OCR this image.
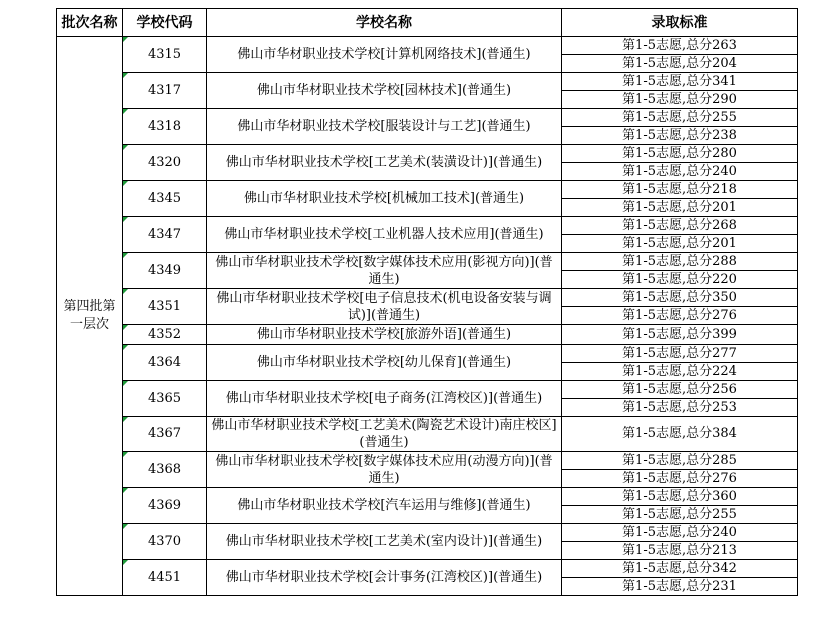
批次名称	学校代码	学校名称	录取标准
第四批第一层次	4315	佛山市华材职业技术学校[计算机网络技术](普通生)	第1-5志愿,总分263
			第1-5志愿,总分204
	4317	佛山市华材职业技术学校[园林技术](普通生)	第1-5志愿,总分341
			第1-5志愿,总分290
	4318	佛山市华材职业技术学校[服装设计与工艺](普通生)	第1-5志愿,总分255
			第1-5志愿,总分238
	4320	佛山市华材职业技术学校[工艺美术(装潢设计)](普通生)	第1-5志愿,总分280
			第1-5志愿,总分240
	4345	佛山市华材职业技术学校[机械加工技术](普通生)	第1-5志愿,总分218
			第1-5志愿,总分201
	4347	佛山市华材职业技术学校[工业机器人技术应用](普通生)	第1-5志愿,总分268
			第1-5志愿,总分201
	4349	佛山市华材职业技术学校[数字媒体技术应用(影视方向)](普通生)	第1-5志愿,总分288
			第1-5志愿,总分220
	4351	佛山市华材职业技术学校[电子信息技术(机电设备安装与调试)](普通生)	第1-5志愿,总分350
			第1-5志愿,总分276
	4352	佛山市华材职业技术学校[旅游外语](普通生)	第1-5志愿,总分399
	4364	佛山市华材职业技术学校[幼儿保育](普通生)	第1-5志愿,总分277
			第1-5志愿,总分224
	4365	佛山市华材职业技术学校[电子商务(江湾校区)](普通生)	第1-5志愿,总分256
			第1-5志愿,总分253
	4367	佛山市华材职业技术学校[工艺美术(陶瓷艺术设计)南庄校区](普通生)	第1-5志愿,总分384
	4368	佛山市华材职业技术学校[数字媒体技术应用(动漫方向)](普通生)	第1-5志愿,总分285
			第1-5志愿,总分276
	4369	佛山市华材职业技术学校[汽车运用与维修](普通生)	第1-5志愿,总分360
			第1-5志愿,总分255
	4370	佛山市华材职业技术学校[工艺美术(室内设计)](普通生)	第1-5志愿,总分240
			第1-5志愿,总分213
	4451	佛山市华材职业技术学校[会计事务(江湾校区)](普通生)	第1-5志愿,总分342
			第1-5志愿,总分231
